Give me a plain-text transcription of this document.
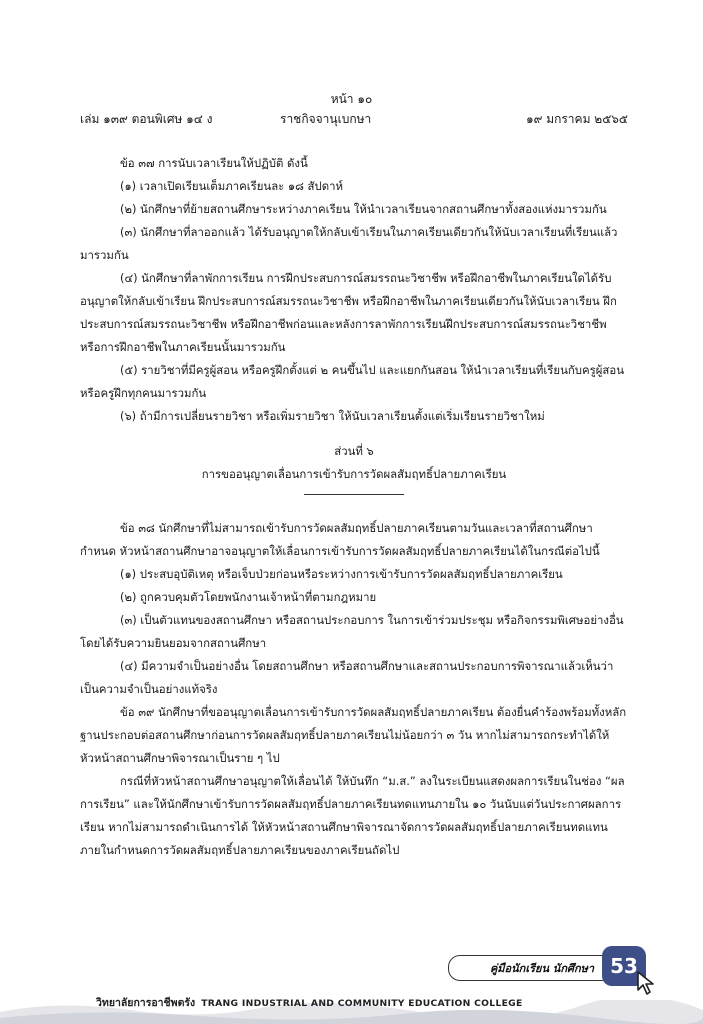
หน้า ๑๐
เล่ม ๑๓๙ ตอนพิเศษ ๑๔ ง	ราชกิจจานุเบกษา	๑๙ มกราคม ๒๕๖๕

ข้อ ๓๗ การนับเวลาเรียนให้ปฏิบัติ ดังนี้

(๑) เวลาเปิดเรียนเต็มภาคเรียนละ ๑๘ สัปดาห์

(๒) นักศึกษาที่ย้ายสถานศึกษาระหว่างภาคเรียน ให้นำเวลาเรียนจากสถานศึกษาทั้งสองแห่งมารวมกัน

(๓) นักศึกษาที่ลาออกแล้ว ได้รับอนุญาตให้กลับเข้าเรียนในภาคเรียนเดียวกันให้นับเวลาเรียนที่เรียนแล้วมารวมกัน

(๔) นักศึกษาที่ลาพักการเรียน การฝึกประสบการณ์สมรรถนะวิชาชีพ หรือฝึกอาชีพในภาคเรียนใดได้รับอนุญาตให้กลับเข้าเรียน ฝึกประสบการณ์สมรรถนะวิชาชีพ หรือฝึกอาชีพในภาคเรียนเดียวกันให้นับเวลาเรียน ฝึกประสบการณ์สมรรถนะวิชาชีพ หรือฝึกอาชีพก่อนและหลังการลาพักการเรียนฝึกประสบการณ์สมรรถนะวิชาชีพ หรือการฝึกอาชีพในภาคเรียนนั้นมารวมกัน

(๕) รายวิชาที่มีครูผู้สอน หรือครูฝึกตั้งแต่ ๒ คนขึ้นไป และแยกกันสอน ให้นำเวลาเรียนที่เรียนกับครูผู้สอนหรือครูฝึกทุกคนมารวมกัน

(๖) ถ้ามีการเปลี่ยนรายวิชา หรือเพิ่มรายวิชา ให้นับเวลาเรียนตั้งแต่เริ่มเรียนรายวิชาใหม่

ส่วนที่ ๖

การขออนุญาตเลื่อนการเข้ารับการวัดผลสัมฤทธิ์ปลายภาคเรียน

ข้อ ๓๘ นักศึกษาที่ไม่สามารถเข้ารับการวัดผลสัมฤทธิ์ปลายภาคเรียนตามวันและเวลาที่สถานศึกษากำหนด หัวหน้าสถานศึกษาอาจอนุญาตให้เลื่อนการเข้ารับการวัดผลสัมฤทธิ์ปลายภาคเรียนได้ในกรณีต่อไปนี้

(๑) ประสบอุบัติเหตุ หรือเจ็บป่วยก่อนหรือระหว่างการเข้ารับการวัดผลสัมฤทธิ์ปลายภาคเรียน

(๒) ถูกควบคุมตัวโดยพนักงานเจ้าหน้าที่ตามกฎหมาย

(๓) เป็นตัวแทนของสถานศึกษา หรือสถานประกอบการ ในการเข้าร่วมประชุม หรือกิจกรรมพิเศษอย่างอื่น โดยได้รับความยินยอมจากสถานศึกษา

(๔) มีความจำเป็นอย่างอื่น โดยสถานศึกษา หรือสถานศึกษาและสถานประกอบการพิจารณาแล้วเห็นว่าเป็นความจำเป็นอย่างแท้จริง

ข้อ ๓๙ นักศึกษาที่ขออนุญาตเลื่อนการเข้ารับการวัดผลสัมฤทธิ์ปลายภาคเรียน ต้องยื่นคำร้องพร้อมทั้งหลักฐานประกอบต่อสถานศึกษาก่อนการวัดผลสัมฤทธิ์ปลายภาคเรียนไม่น้อยกว่า ๓ วัน หากไม่สามารถกระทำได้ให้หัวหน้าสถานศึกษาพิจารณาเป็นราย ๆ ไป

กรณีที่หัวหน้าสถานศึกษาอนุญาตให้เลื่อนได้ ให้บันทึก “ม.ส.” ลงในระเบียนแสดงผลการเรียนในช่อง “ผลการเรียน” และให้นักศึกษาเข้ารับการวัดผลสัมฤทธิ์ปลายภาคเรียนทดแทนภายใน ๑๐ วันนับแต่วันประกาศผลการเรียน หากไม่สามารถดำเนินการได้ ให้หัวหน้าสถานศึกษาพิจารณาจัดการวัดผลสัมฤทธิ์ปลายภาคเรียนทดแทนภายในกำหนดการวัดผลสัมฤทธิ์ปลายภาคเรียนของภาคเรียนถัดไป

คู่มือนักเรียน นักศึกษา 53
วิทยาลัยการอาชีพตรัง TRANG INDUSTRIAL AND COMMUNITY EDUCATION COLLEGE
